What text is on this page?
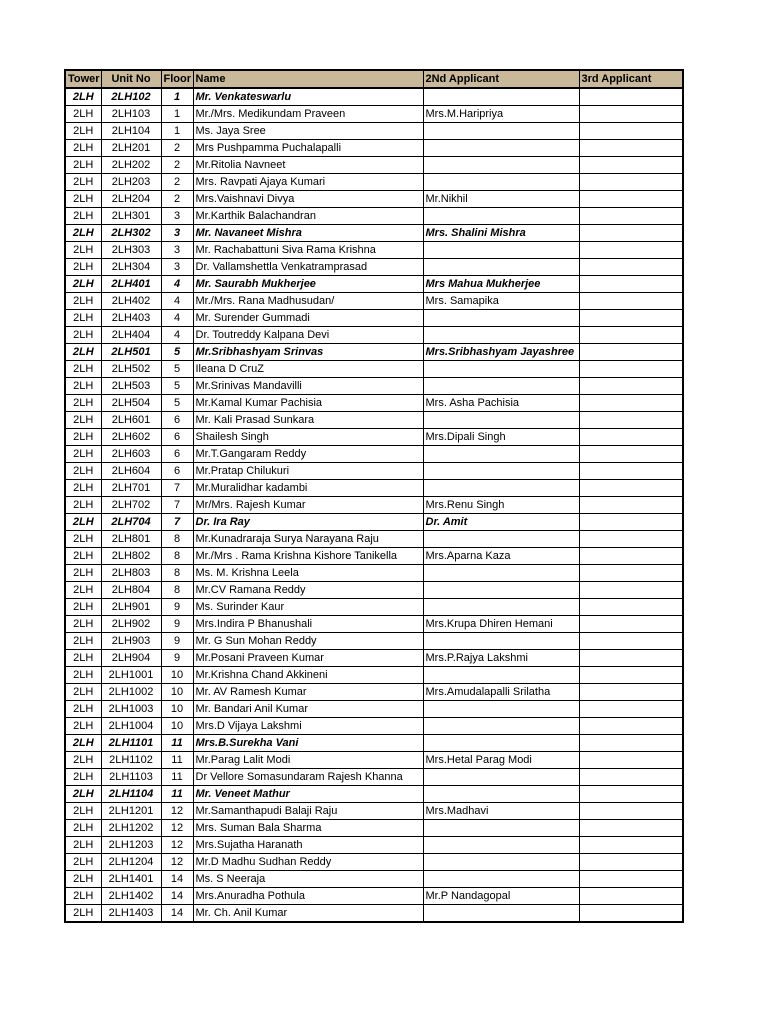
Tower	Unit No	Floor	Name	2Nd Applicant	3rd Applicant
2LH	2LH102	1	Mr. Venkateswarlu		
2LH	2LH103	1	Mr./Mrs. Medikundam Praveen	Mrs.M.Haripriya	
2LH	2LH104	1	Ms. Jaya Sree		
2LH	2LH201	2	Mrs Pushpamma Puchalapalli		
2LH	2LH202	2	Mr.Ritolia Navneet		
2LH	2LH203	2	Mrs. Ravpati Ajaya Kumari		
2LH	2LH204	2	Mrs.Vaishnavi Divya	Mr.Nikhil	
2LH	2LH301	3	Mr.Karthik Balachandran		
2LH	2LH302	3	Mr. Navaneet Mishra	Mrs. Shalini Mishra	
2LH	2LH303	3	Mr. Rachabattuni Siva Rama Krishna		
2LH	2LH304	3	Dr. Vallamshettla Venkatramprasad		
2LH	2LH401	4	Mr. Saurabh Mukherjee	Mrs Mahua Mukherjee	
2LH	2LH402	4	Mr./Mrs. Rana Madhusudan/	Mrs. Samapika	
2LH	2LH403	4	Mr. Surender Gummadi		
2LH	2LH404	4	Dr. Toutreddy Kalpana Devi		
2LH	2LH501	5	Mr.Sribhashyam Srinvas	Mrs.Sribhashyam Jayashree	
2LH	2LH502	5	Ileana D CruZ		
2LH	2LH503	5	Mr.Srinivas Mandavilli		
2LH	2LH504	5	Mr.Kamal Kumar Pachisia	Mrs. Asha Pachisia	
2LH	2LH601	6	Mr. Kali Prasad Sunkara		
2LH	2LH602	6	Shailesh Singh	Mrs.Dipali Singh	
2LH	2LH603	6	Mr.T.Gangaram Reddy		
2LH	2LH604	6	Mr.Pratap Chilukuri		
2LH	2LH701	7	Mr.Muralidhar kadambi		
2LH	2LH702	7	Mr/Mrs. Rajesh Kumar	Mrs.Renu Singh	
2LH	2LH704	7	Dr. Ira Ray	Dr. Amit	
2LH	2LH801	8	Mr.Kunadraraja Surya Narayana Raju		
2LH	2LH802	8	Mr./Mrs . Rama Krishna Kishore Tanikella	Mrs.Aparna Kaza	
2LH	2LH803	8	Ms. M. Krishna Leela		
2LH	2LH804	8	Mr.CV Ramana Reddy		
2LH	2LH901	9	Ms. Surinder Kaur		
2LH	2LH902	9	Mrs.Indira P Bhanushali	Mrs.Krupa Dhiren Hemani	
2LH	2LH903	9	Mr. G Sun Mohan Reddy		
2LH	2LH904	9	Mr.Posani Praveen Kumar	Mrs.P.Rajya Lakshmi	
2LH	2LH1001	10	Mr.Krishna Chand Akkineni		
2LH	2LH1002	10	Mr. AV Ramesh Kumar	Mrs.Amudalapalli Srilatha	
2LH	2LH1003	10	Mr. Bandari Anil Kumar		
2LH	2LH1004	10	Mrs.D Vijaya Lakshmi		
2LH	2LH1101	11	Mrs.B.Surekha Vani		
2LH	2LH1102	11	Mr.Parag Lalit Modi	Mrs.Hetal Parag Modi	
2LH	2LH1103	11	Dr Vellore Somasundaram Rajesh Khanna		
2LH	2LH1104	11	Mr. Veneet Mathur		
2LH	2LH1201	12	Mr.Samanthapudi Balaji Raju	Mrs.Madhavi	
2LH	2LH1202	12	Mrs. Suman Bala Sharma		
2LH	2LH1203	12	Mrs.Sujatha Haranath		
2LH	2LH1204	12	Mr.D Madhu Sudhan Reddy		
2LH	2LH1401	14	Ms. S Neeraja		
2LH	2LH1402	14	Mrs.Anuradha Pothula	Mr.P Nandagopal	
2LH	2LH1403	14	Mr. Ch. Anil Kumar		
